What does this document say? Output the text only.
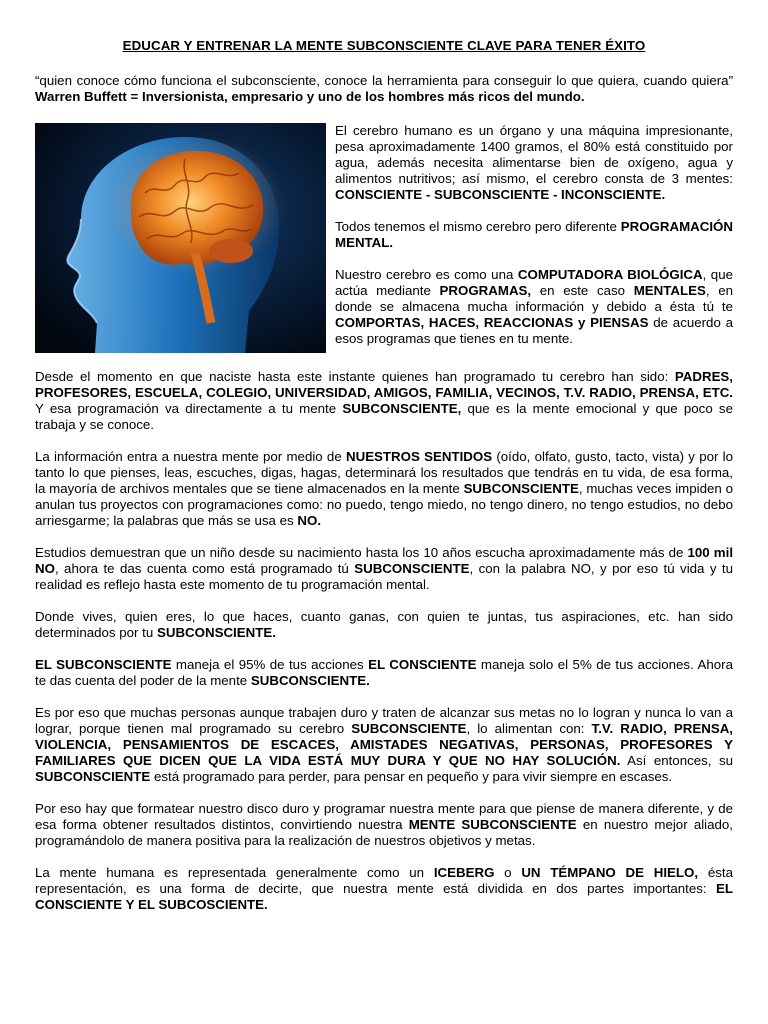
EDUCAR Y ENTRENAR LA MENTE SUBCONSCIENTE CLAVE PARA TENER ÉXITO
“quien conoce cómo funciona el subconsciente, conoce la herramienta para conseguir lo que quiera, cuando quiera” Warren Buffett = Inversionista, empresario y uno de los hombres más ricos del mundo.

El cerebro humano es un órgano y una máquina impresionante, pesa aproximadamente 1400 gramos, el 80% está constituido por agua, además necesita alimentarse bien de oxígeno, agua y alimentos nutritivos; así mismo, el cerebro consta de 3 mentes: CONSCIENTE - SUBCONSCIENTE - INCONSCIENTE.

Todos tenemos el mismo cerebro pero diferente PROGRAMACIÓN MENTAL.

Nuestro cerebro es como una COMPUTADORA BIOLÓGICA, que actúa mediante PROGRAMAS, en este caso MENTALES, en donde se almacena mucha información y debido a ésta tú te COMPORTAS, HACES, REACCIONAS y PIENSAS de acuerdo a esos programas que tienes en tu mente.

Desde el momento en que naciste hasta este instante quienes han programado tu cerebro han sido: PADRES, PROFESORES, ESCUELA, COLEGIO, UNIVERSIDAD, AMIGOS, FAMILIA, VECINOS, T.V. RADIO, PRENSA, ETC. Y esa programación va directamente a tu mente SUBCONSCIENTE, que es la mente emocional y que poco se trabaja y se conoce.

La información entra a nuestra mente por medio de NUESTROS SENTIDOS (oído, olfato, gusto, tacto, vista) y por lo tanto lo que pienses, leas, escuches, digas, hagas, determinará los resultados que tendrás en tu vida, de esa forma, la mayoría de archivos mentales que se tiene almacenados en la mente SUBCONSCIENTE, muchas veces impiden o anulan tus proyectos con programaciones como: no puedo, tengo miedo, no tengo dinero, no tengo estudios, no debo arriesgarme; la palabras que más se usa es NO.

Estudios demuestran que un niño desde su nacimiento hasta los 10 años escucha aproximadamente más de 100 mil NO, ahora te das cuenta como está programado tú SUBCONSCIENTE, con la palabra NO, y por eso tú vida y tu realidad es reflejo hasta este momento de tu programación mental.

Donde vives, quien eres, lo que haces, cuanto ganas, con quien te juntas, tus aspiraciones, etc. han sido determinados por tu SUBCONSCIENTE.

EL SUBCONSCIENTE maneja el 95% de tus acciones EL CONSCIENTE maneja solo el 5% de tus acciones. Ahora te das cuenta del poder de la mente SUBCONSCIENTE.

Es por eso que muchas personas aunque trabajen duro y traten de alcanzar sus metas no lo logran y nunca lo van a lograr, porque tienen mal programado su cerebro SUBCONSCIENTE, lo alimentan con: T.V. RADIO, PRENSA, VIOLENCIA, PENSAMIENTOS DE ESCACES, AMISTADES NEGATIVAS, PERSONAS, PROFESORES Y FAMILIARES QUE DICEN QUE LA VIDA ESTÁ MUY DURA Y QUE NO HAY SOLUCIÓN. Así entonces, su SUBCONSCIENTE está programado para perder, para pensar en pequeño y para vivir siempre en escases.

Por eso hay que formatear nuestro disco duro y programar nuestra mente para que piense de manera diferente, y de esa forma obtener resultados distintos, convirtiendo nuestra MENTE SUBCONSCIENTE en nuestro mejor aliado, programándolo de manera positiva para la realización de nuestros objetivos y metas.

La mente humana es representada generalmente como un ICEBERG o UN TÉMPANO DE HIELO, ésta representación, es una forma de decirte, que nuestra mente está dividida en dos partes importantes: EL CONSCIENTE Y EL SUBCOSCIENTE.
